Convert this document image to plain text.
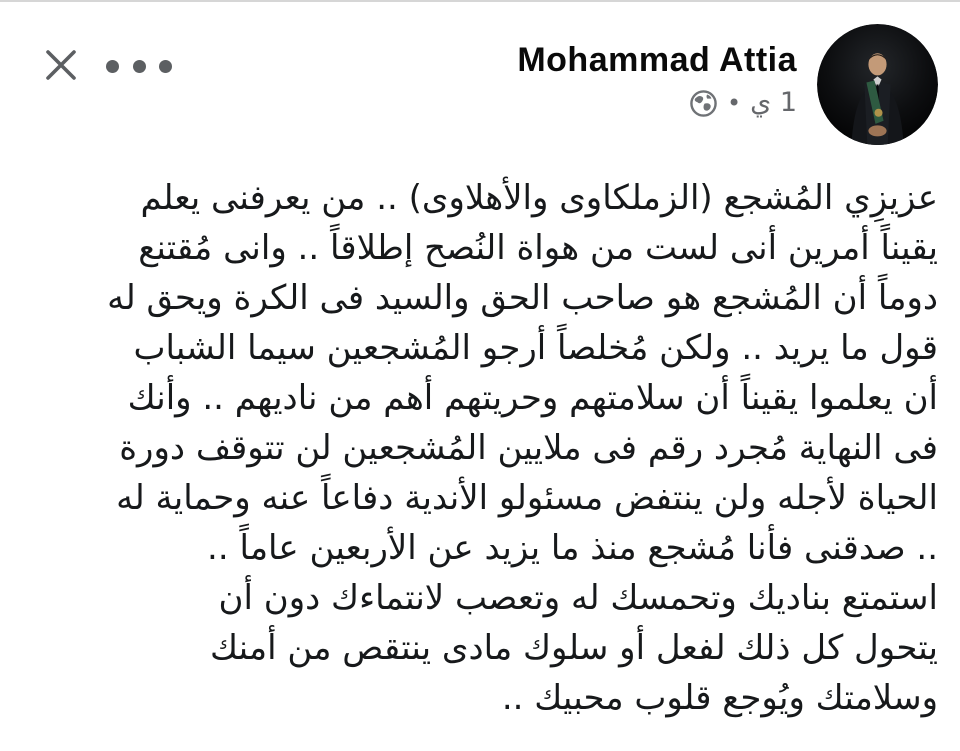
Mohammad Attia
1 ي
•
عزيزِي المُشجع (الزملكاوى والأهلاوى) .. من يعرفنى يعلم
يقيناً أمرين أنى لست من هواة النُصح إطلاقاً .. وانى مُقتنع
دوماً أن المُشجع هو صاحب الحق والسيد فى الكرة ويحق له
قول ما يريد .. ولكن مُخلصاً أرجو المُشجعين سيما الشباب
أن يعلموا يقيناً أن سلامتهم وحريتهم أهم من ناديهم .. وأنك
فى النهاية مُجرد رقم فى ملايين المُشجعين لن تتوقف دورة
الحياة لأجله ولن ينتفض مسئولو الأندية دفاعاً عنه وحماية له
.. صدقنى فأنا مُشجع منذ ما يزيد عن الأربعين عاماً ..
استمتع بناديك وتحمسك له وتعصب لانتماءك دون أن
يتحول كل ذلك لفعل أو سلوك مادى ينتقص من أمنك
وسلامتك ويُوجع قلوب محبيك ..
